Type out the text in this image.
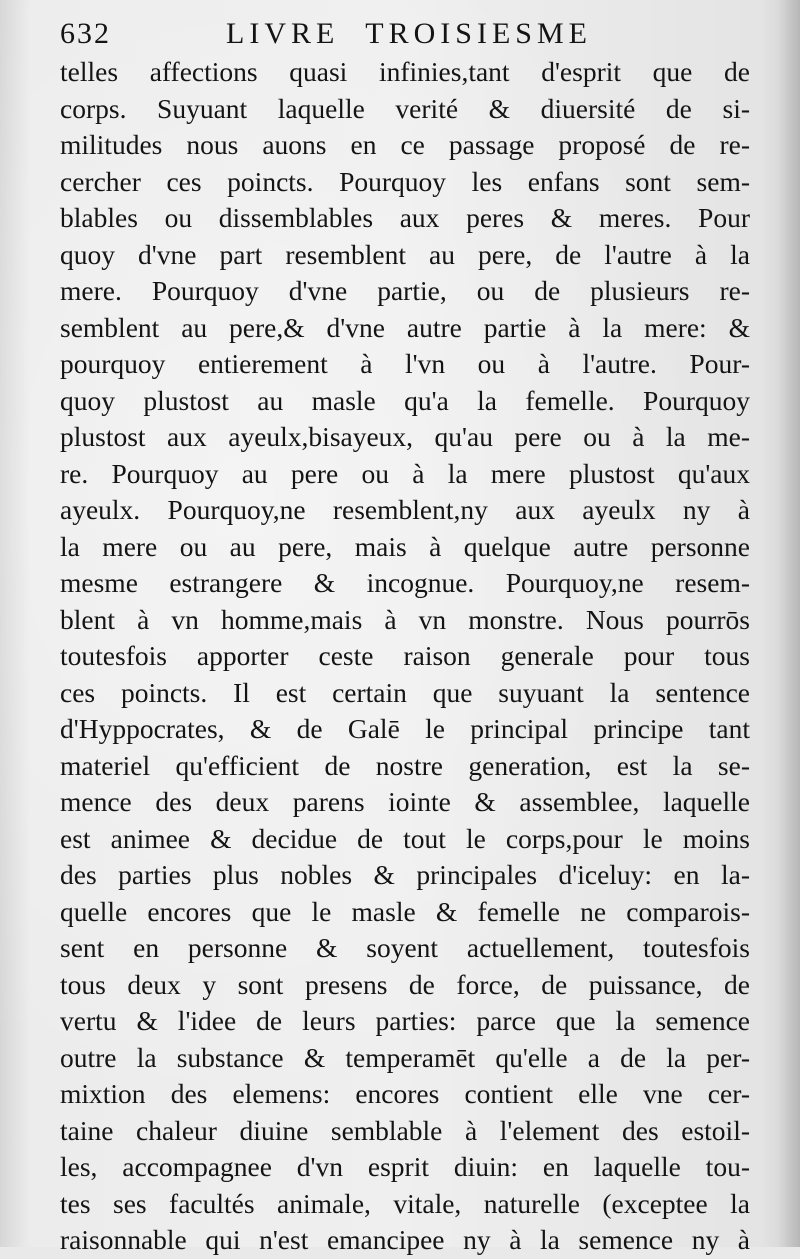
632	LIVRE TROISIESME
telles affections quasi infinies,tant d'esprit que de
corps. Suyuant laquelle verité & diuersité de si-
militudes nous auons en ce passage proposé de re-
cercher ces poincts. Pourquoy les enfans sont sem-
blables ou dissemblables aux peres & meres. Pour
quoy d'vne part resemblent au pere, de l'autre à la
mere. Pourquoy d'vne partie, ou de plusieurs re-
semblent au pere,& d'vne autre partie à la mere: &
pourquoy entierement à l'vn ou à l'autre. Pour-
quoy plustost au masle qu'a la femelle. Pourquoy
plustost aux ayeulx,bisayeux, qu'au pere ou à la me-
re. Pourquoy au pere ou à la mere plustost qu'aux
ayeulx. Pourquoy,ne resemblent,ny aux ayeulx ny à
la mere ou au pere, mais à quelque autre personne
mesme estrangere & incognue. Pourquoy,ne resem-
blent à vn homme,mais à vn monstre. Nous pourrōs
toutesfois apporter ceste raison generale pour tous
ces poincts. Il est certain que suyuant la sentence
d'Hyppocrates, & de Galē le principal principe tant
materiel qu'efficient de nostre generation, est la se-
mence des deux parens iointe & assemblee, laquelle
est animee & decidue de tout le corps,pour le moins
des parties plus nobles & principales d'iceluy: en la-
quelle encores que le masle & femelle ne comparois-
sent en personne & soyent actuellement, toutesfois
tous deux y sont presens de force, de puissance, de
vertu & l'idee de leurs parties: parce que la semence
outre la substance & temperamēt qu'elle a de la per-
mixtion des elemens: encores contient elle vne cer-
taine chaleur diuine semblable à l'element des estoil-
les, accompagnee d'vn esprit diuin: en laquelle tou-
tes ses facultés animale, vitale, naturelle (exceptee la
raisonnable qui n'est emancipee ny à la semence ny à
